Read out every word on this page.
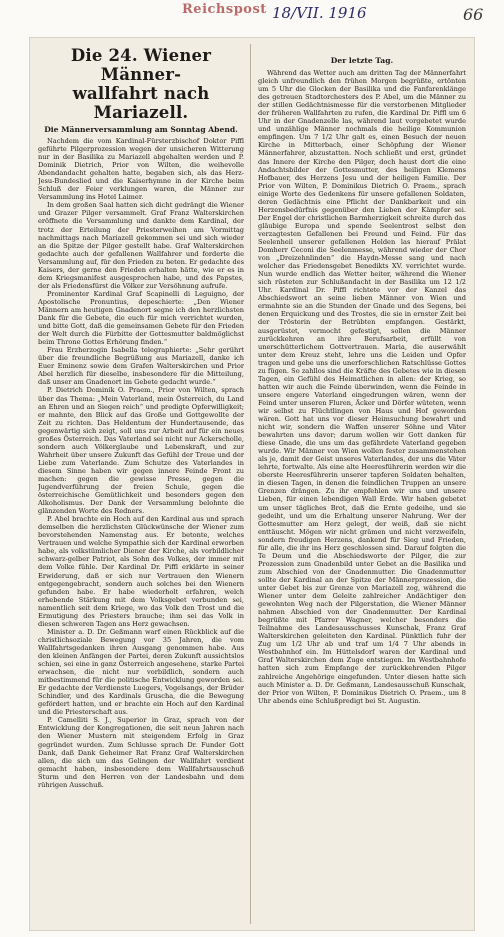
Reichspost 18/VII. 1916	66
Die 24. Wiener Männer-
wallfahrt nach Mariazell.
Die Männerversammlung am Sonntag Abend.

Nachdem die vom Kardinal-Fürsterzbischof Doktor Piffl geführte Pilgerprozession wegen der unsicheren Witterung nur in der Basilika zu Mariazell abgehalten werden und P. Dominik Dietrich, Prior von Wilten, die weihevolle Abendandacht gehalten hatte, begaben sich, als das Herz-Jesu-Bundeslied und die Kaiserhymne in der Kirche beim Schluß der Feier verklungen waren, die Männer zur Versammlung ins Hotel Laimer.

In dem großen Saal hatten sich dicht gedrängt die Wiener und Grazer Pilger versammelt. Graf Franz Walterskirchen eröffnete die Versammlung und dankte dem Kardinal, der trotz der Erteilung der Priesterweihen am Vormittag nachmittags nach Mariazell gekommen sei und sich wieder an die Spitze der Pilger gestellt habe. Graf Walterskirchen gedachte auch der gefallenen Wallfahrer und forderte die Versammlung auf, für den Frieden zu beten. Er gedachte des Kaisers, der gerne den Frieden erhalten hätte, wie er es in dem Kriegsmanifest ausgesprochen habe, und des Papstes, der als Friedensfürst die Völker zur Versöhnung aufrufe.

Prominenter Kardinal Graf Scapinelli di Leguigno, der Apostolische Pronuntius, depeschierte: „Den Wiener Männern am heutigen Gnadenort segne ich den herzlichsten Dank für die Gebete, die euch für mich verrichtet wurden, und bitte Gott, daß die gemeinsamen Gebete für den Frieden der Welt durch die Fürbitte der Gottesmutter baldmöglichst beim Throne Gottes Erhörung finden.“

Frau Erzherzogin Isabella telegraphierte: „Sehr gerührt über die freundliche Begrüßung aus Mariazell, danke ich Euer Eminenz sowie dem Grafen Walterskirchen und Prior Abel herzlich für dieselbe, insbesondere für die Mitteilung, daß unser am Gnadenort im Gebete gedacht wurde.“

P. Dietrich Dominik O. Praem., Prior von Wilten, sprach über das Thema: „Mein Vaterland, mein Österreich, du Land an Ehren und an Siegen reich“ und predigte Opferwilligkeit; er mahnte, den Blick auf das Große und Gottgewollte der Zeit zu richten. Das Heldentum der Hundertausende, das gegenwärtig sich zeigt, soll uns zur Arbeit auf für ein neues großes Österreich. Das Vaterland sei nicht nur Ackerscholle, sondern auch Völkerglaube und Lebenskraft, und zur Wahrheit über unsere Zukunft das Gefühl der Treue und der Liebe zum Vaterlande. Zum Schutze des Vaterlandes in diesem Sinne haben wir gegen innere Feinde Front zu machen: gegen die gewisse Presse, gegen die Jugendverführung der freien Schule, gegen die österreichische Gemütlichkeit und besonders gegen den Alkoholismus. Der Dank der Versammlung belohnte die glänzenden Worte des Redners.

P. Abel brachte ein Hoch auf den Kardinal aus und sprach demselben die herzlichsten Glückwünsche der Wiener zum bevorstehenden Namenstag aus. Er betonte, welches Vertrauen und welche Sympathie sich der Kardinal erworben habe, als volkstümlicher Diener der Kirche, als vorbildlicher schwarz-gelber Patriot, als Sohn des Volkes, der immer mit dem Volke fühle. Der Kardinal Dr. Piffl erklärte in seiner Erwiderung, daß er sich nur Vertrauen den Wienern entgegengebracht, sondern auch solches bei den Wienern gefunden habe. Er habe wiederholt erfahren, welch erhebende Stärkung mit dem Volksgebet verbunden sei, namentlich seit dem Kriege, wo das Volk den Trost und die Ermutigung des Priesters brauche; ihm sei das Volk in diesen schweren Tagen ans Herz gewachsen.

Minister a. D. Dr. Geßmann warf einen Rückblick auf die christlichsoziale Bewegung vor 35 Jahren, die vom Wallfahrtsgedanken ihren Ausgang genommen habe. Aus den kleinen Anfängen der Partei, deren Zukunft aussichtslos schien, sei eine in ganz Österreich angesehene, starke Partei erwachsen, die nicht nur vorbildlich, sondern auch mitbestimmend für die politische Entwicklung geworden sei. Er gedachte der Verdienste Luegers, Vogelsangs, der Brüder Schindler, und des Kardinals Gruscha, die die Bewegung gefördert hatten, und er brachte ein Hoch auf den Kardinal und die Priesterschaft aus.

P. Camelliti S. J., Superior in Graz, sprach von der Entwicklung der Kongregationen, die seit neun Jahren nach den Wiener Mustern mit steigendem Erfolg in Graz gegründet wurden. Zum Schlusse sprach Dr. Funder Gott Dank, daß Dank Geheimer Rat Franz Graf Walterskirchen allen, die sich um das Gelingen der Wallfahrt verdient gemacht haben, insbesondere dem Wallfahrtsausschuß Sturm und den Herren von der Landesbahn und dem rührigen Ausschuß.

Der letzte Tag.

Während das Wetter auch am dritten Tag der Männerfahrt gleich unfreundlich den frühen Morgen begrüßte, ertönten um 5 Uhr die Glocken der Basilika und die Fanfarenklänge des getreuen Stadtorchesters des P. Abel, um die Männer zu der stillen Gedächtnismesse für die verstorbenen Mitglieder der früheren Wallfahrten zu rufen, die Kardinal Dr. Piffl um 6 Uhr in der Gnadenzelle las, während laut vorgebetet wurde und unzählige Männer nochmals die heilige Kommunion empfingen. Um 7 1/2 Uhr galt es, einen Besuch der neuen Kirche in Mitterbach, einer Schöpfung der Wiener Männerfahrer, abzustatten. Noch schließt und erst, gründet das Innere der Kirche den Pilger, doch haust dort die eine Andachtsbilder der Gottesmutter, des heiligen Klemens Hofbauer, des Herzens Jesu und der heiligen Familie. Der Prior von Wilten, P. Dominikus Dietrich O. Praem., sprach einige Worte des Gedenkens für unsere gefallenen Soldaten, deren Gedächtnis eine Pflicht der Dankbarkeit und ein Herzensbedürfnis gegenüber den Lieben der Kämpfer sei. Der Engel der christlichen Barmherzigkeit schreite durch das gläubige Europa und spende Seelentrost selbst den verzagtesten Gefallenen bei Freund und Feind. Für das Seelenheil unserer gefallenen Helden las hierauf Prälat Domherr Ceconi die Seelenmesse, während wieder der Chor von „Dreizehnlinden“ die Haydn-Messe sang und nach welcher das Friedensgebet Benedikts XV. verrichtet wurde. Nun wurde endlich das Wetter heiter, während die Wiener sich rüsteten zur Schlußandacht in der Basilika um 12 1/2 Uhr. Kardinal Dr. Piffl richtete vor der Kanzel das Abschiedswort an seine lieben Männer von Wien und ermahnte sie an die Stunden der Gnade und des Segens, bei denen Erquickung und des Trostes, die sie in ernster Zeit bei der Trösterin der Betrübten empfangen. Gestärkt, ausgerüstet, vermocht gefestigt, sollen die Männer zurückkehren an ihre Berufsarbeit, erfüllt von unerschütterlichem Gottvertrauen. Maria, die auserwählt unter dem Kreuz steht, lehre uns die Leiden und Opfer tragen und gebe uns die unerforschlichen Ratschlüsse Gottes zu fügen. So zahllos sind die Kräfte des Gebetes wie in diesen Tagen, ein Gefühl des Heimatlichen in allen: der Krieg, so hatten wir auch die Feinde überwinden, wenn die Feinde in unsere engere Vaterland eingedrungen wären, wenn der Feind unter unseren Fluren, Äcker und Dörfer wüteten, wenn wir selbst zu Flüchtlingen von Haus und Hof geworden wären. Gott hat uns vor dieser Heimsuchung bewahrt und nicht wir, sondern die Waffen unserer Söhne und Väter bewahrten uns davor; darum wollen wir Gott danken für diese Gnade, die uns um das gefährdete Vaterland gegeben wurde. Wir Männer von Wien wollen fester zusammenstehen als je, damit der Geist unseres Vaterlandes, der uns die Väter lehrte, fortwalte. Als eine alte Heeresführerin werden wir die oberste Heeresführerin unserer tapferen Soldaten behalten, in diesen Tagen, in denen die feindlichen Truppen an unsere Grenzen drängen. Zu ihr empfehlen wir uns und unsere Lieben, für einen lebendigen Wall Erde. Wir haben gebetet um unser tägliches Brot, daß die Ernte gedeihe, und sie gedeiht, und um die Erhaltung unserer Nahrung. Wer der Gottesmutter am Herz gelegt, der weiß, daß sie nicht enttäuscht. Mögen wir nicht grämen und nicht verzweifeln, sondern freudigen Herzens, dankend für Sieg und Frieden, für alle, die ihr ins Herz geschlossen sind. Darauf folgten die Te Deum und die Abschiedsworte der Pilger, die zur Prozession zum Gnadenbild unter Gebet an die Basilika und zum Abschied von der Gnadenmutter. Die Gnadenmutter sollte der Kardinal an der Spitze der Männerprozession, die unter Gebet bis zur Grenze von Mariazell zog, während die Wiener unter dem Geleite zahlreicher Andächtiger den gewohnten Weg nach der Pilgerstation, die Wiener Männer nahmen Abschied von der Gnadenmutter. Der Kardinal begrüßte mit Pfarrer Wagner, welcher besonders die Teilnahme des Landesausschusses Kunschak, Franz Graf Walterskirchen geleiteten den Kardinal. Pünktlich fuhr der Zug um 1/2 Uhr ab und traf um 1/4 7 Uhr abends in Westbahnhof ein. Im Hüttelsdorf waren der Kardinal und Graf Walterskirchen dem Zuge entstiegen. Im Westbahnhofe hatten sich zum Empfange der zurückkehrenden Pilger zahlreiche Angehörige eingefunden. Unter diesen hatte sich auch Minister a. D. Dr. Geßmann, Landesausschuß Kunschak, der Prior von Wilten, P. Dominikus Dietrich O. Praem., um 8 Uhr abends eine Schlußpredigt bei St. Augustin.
